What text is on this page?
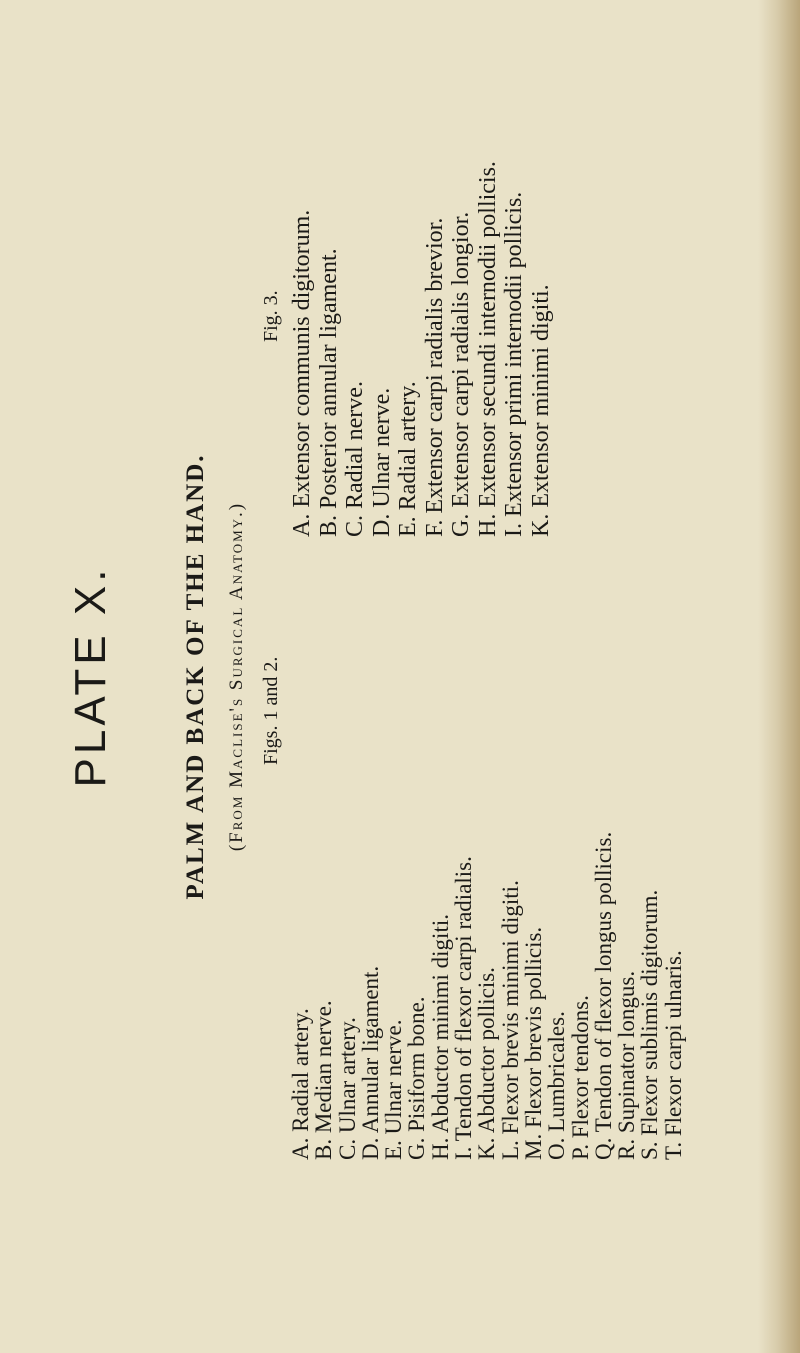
PLATE X.	PALM AND BACK OF THE HAND. (From Maclise's Surgical Anatomy.) Figs. 1 and 2.
A. Radial artery.
B. Median nerve.
C. Ulnar artery.
D. Annular ligament.
E. Ulnar nerve.
G. Pisiform bone.
H. Abductor minimi digiti.
I. Tendon of flexor carpi radialis.
K. Abductor pollicis.
L. Flexor brevis minimi digiti.
M. Flexor brevis pollicis.
O. Lumbricales.
P. Flexor tendons.
Q. Tendon of flexor longus pollicis.
R. Supinator longus.
S. Flexor sublimis digitorum.
T. Flexor carpi ulnaris.
Fig. 3. A. Extensor communis digitorum. B. Posterior annular ligament. C. Radial nerve. D. Ulnar nerve. E. Radial artery. F. Extensor carpi radialis brevior. G. Extensor carpi radialis longior. H. Extensor secundi internodii pollicis. I. Extensor primi internodii pollicis. K. Extensor minimi digiti.
